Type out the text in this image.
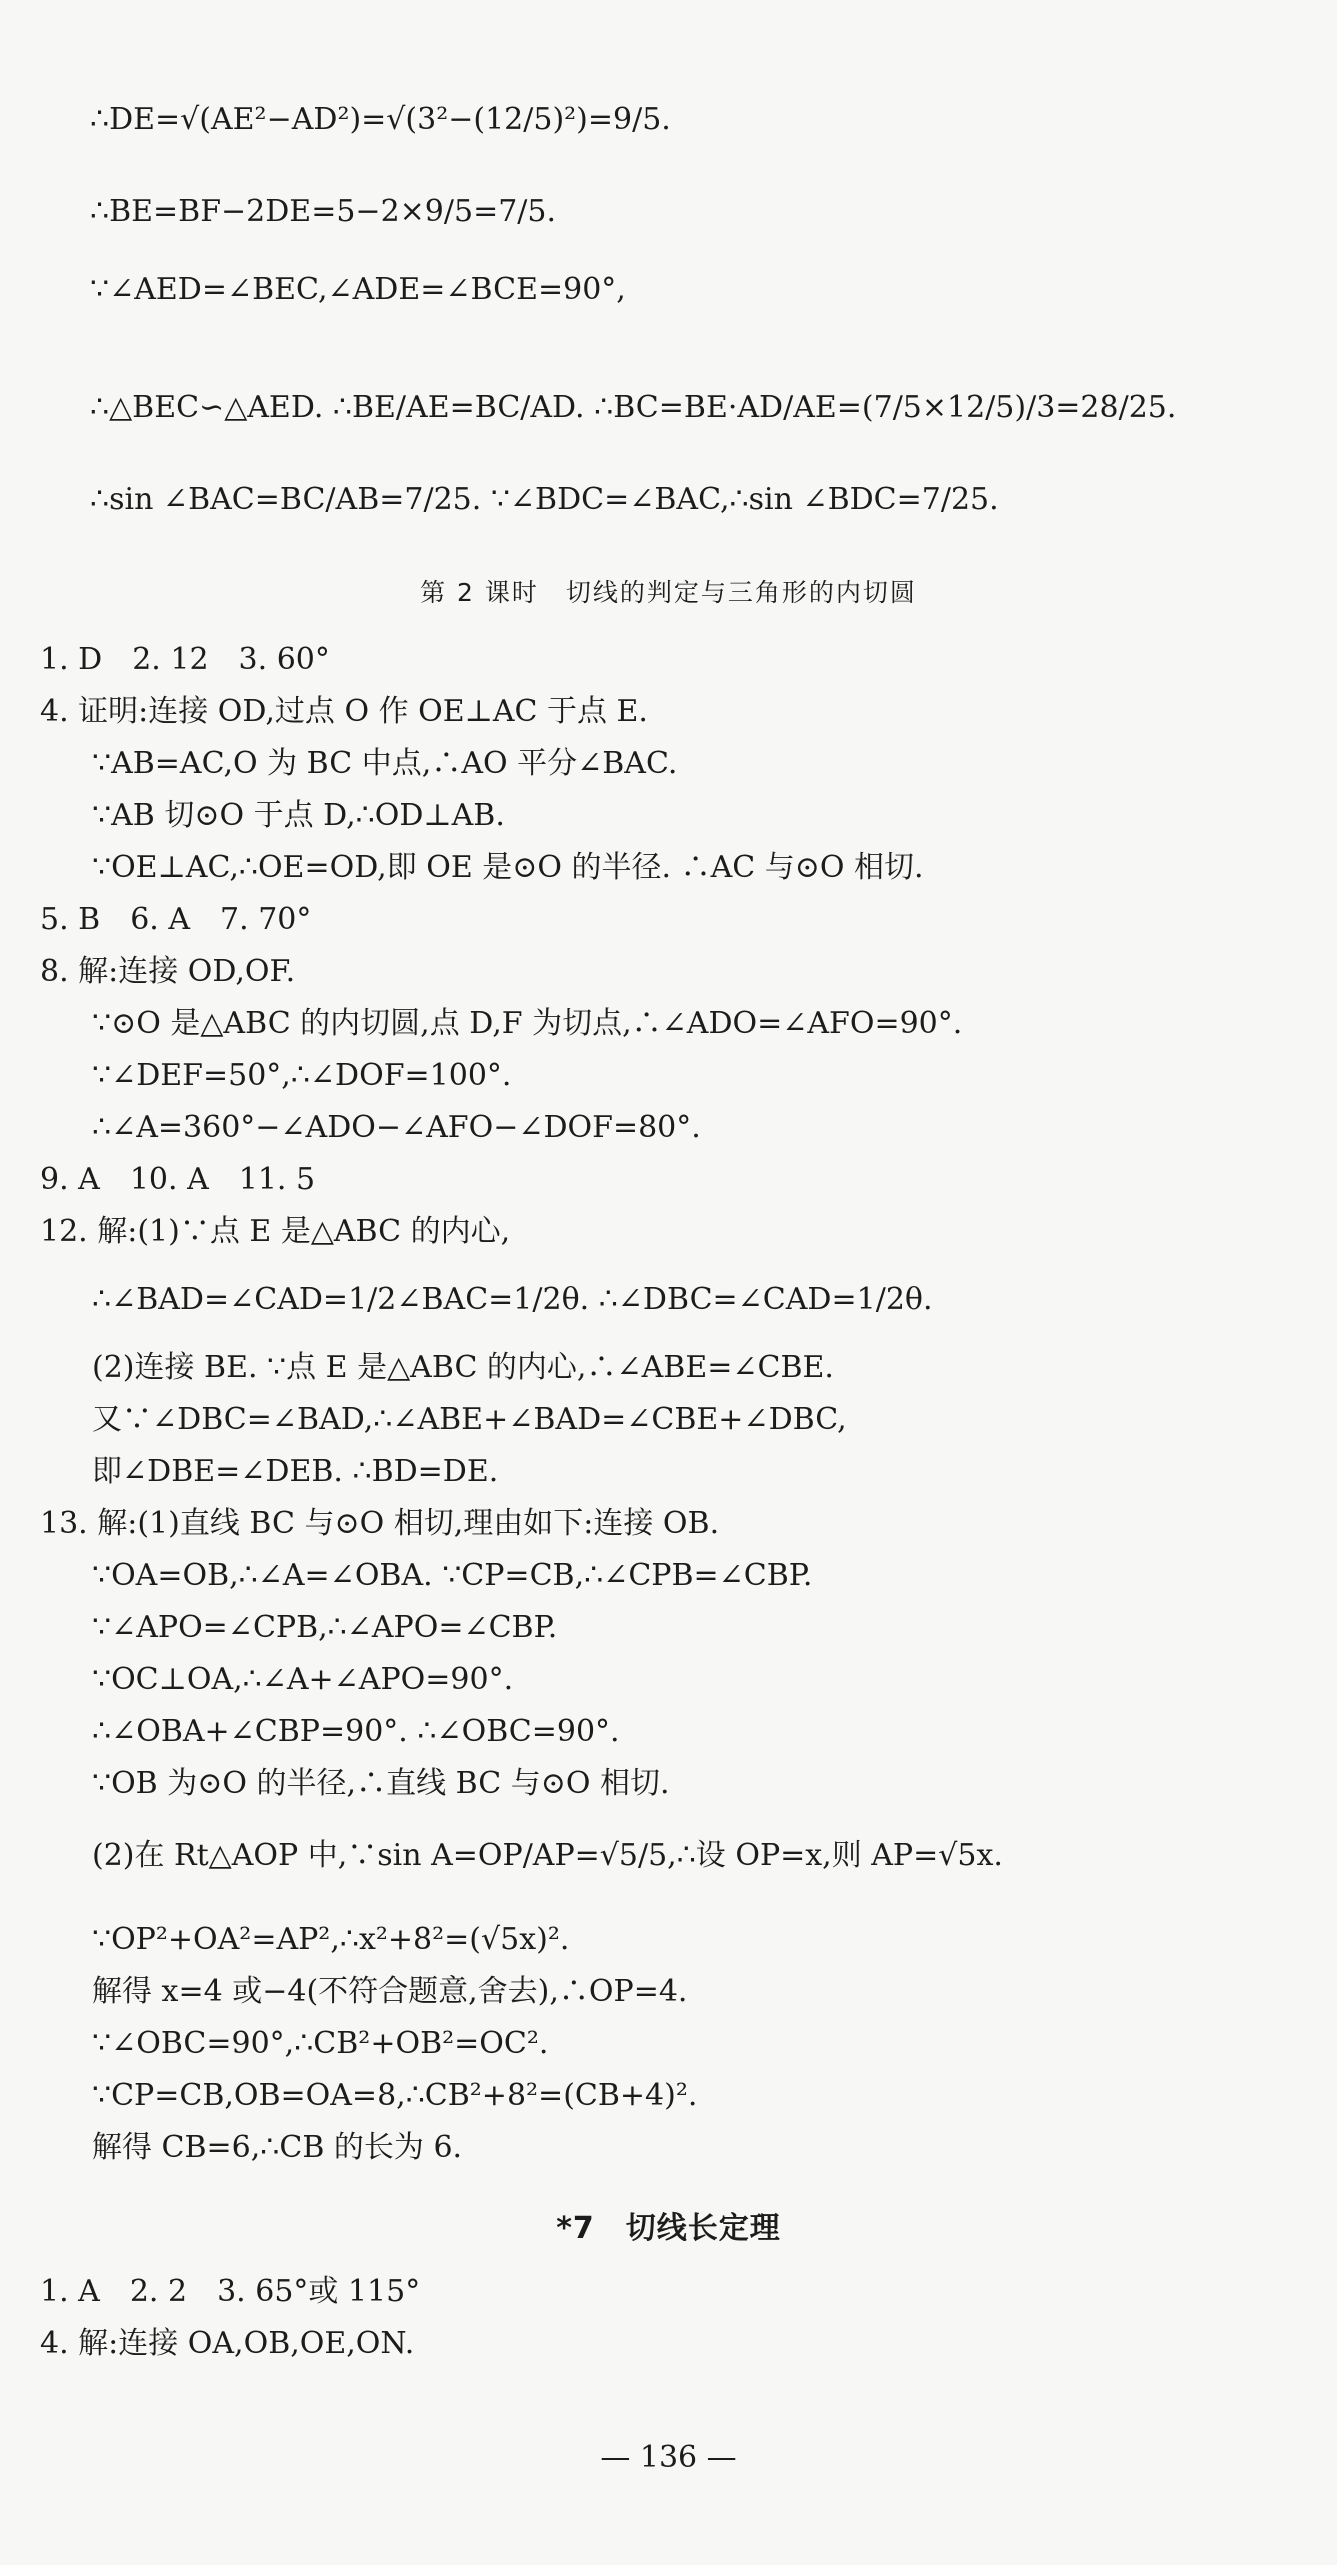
∴DE=√(AE²−AD²)=√(3²−(12/5)²)=9/5.
∴BE=BF−2DE=5−2×9/5=7/5.
∵∠AED=∠BEC,∠ADE=∠BCE=90°,
∴△BEC∽△AED. ∴BE/AE=BC/AD. ∴BC=BE·AD/AE=(7/5×12/5)/3=28/25.
∴sin ∠BAC=BC/AB=7/25. ∵∠BDC=∠BAC,∴sin ∠BDC=7/25.
第 2 课时　切线的判定与三角形的内切圆
1. D　2. 12　3. 60°
4. 证明:连接 OD,过点 O 作 OE⊥AC 于点 E.
∵AB=AC,O 为 BC 中点,∴AO 平分∠BAC.
∵AB 切⊙O 于点 D,∴OD⊥AB.
∵OE⊥AC,∴OE=OD,即 OE 是⊙O 的半径. ∴AC 与⊙O 相切.
5. B　6. A　7. 70°
8. 解:连接 OD,OF.
∵⊙O 是△ABC 的内切圆,点 D,F 为切点,∴∠ADO=∠AFO=90°.
∵∠DEF=50°,∴∠DOF=100°.
∴∠A=360°−∠ADO−∠AFO−∠DOF=80°.
9. A　10. A　11. 5
12. 解:(1)∵点 E 是△ABC 的内心,
∴∠BAD=∠CAD=1/2∠BAC=1/2θ. ∴∠DBC=∠CAD=1/2θ.
(2)连接 BE. ∵点 E 是△ABC 的内心,∴∠ABE=∠CBE.
又∵∠DBC=∠BAD,∴∠ABE+∠BAD=∠CBE+∠DBC,
即∠DBE=∠DEB. ∴BD=DE.
13. 解:(1)直线 BC 与⊙O 相切,理由如下:连接 OB.
∵OA=OB,∴∠A=∠OBA. ∵CP=CB,∴∠CPB=∠CBP.
∵∠APO=∠CPB,∴∠APO=∠CBP.
∵OC⊥OA,∴∠A+∠APO=90°.
∴∠OBA+∠CBP=90°. ∴∠OBC=90°.
∵OB 为⊙O 的半径,∴直线 BC 与⊙O 相切.
(2)在 Rt△AOP 中,∵sin A=OP/AP=√5/5,∴设 OP=x,则 AP=√5x.
∵OP²+OA²=AP²,∴x²+8²=(√5x)².
解得 x=4 或−4(不符合题意,舍去),∴OP=4.
∵∠OBC=90°,∴CB²+OB²=OC².
∵CP=CB,OB=OA=8,∴CB²+8²=(CB+4)².
解得 CB=6,∴CB 的长为 6.
*7　切线长定理
1. A　2. 2　3. 65°或 115°
4. 解:连接 OA,OB,OE,ON.
— 136 —
